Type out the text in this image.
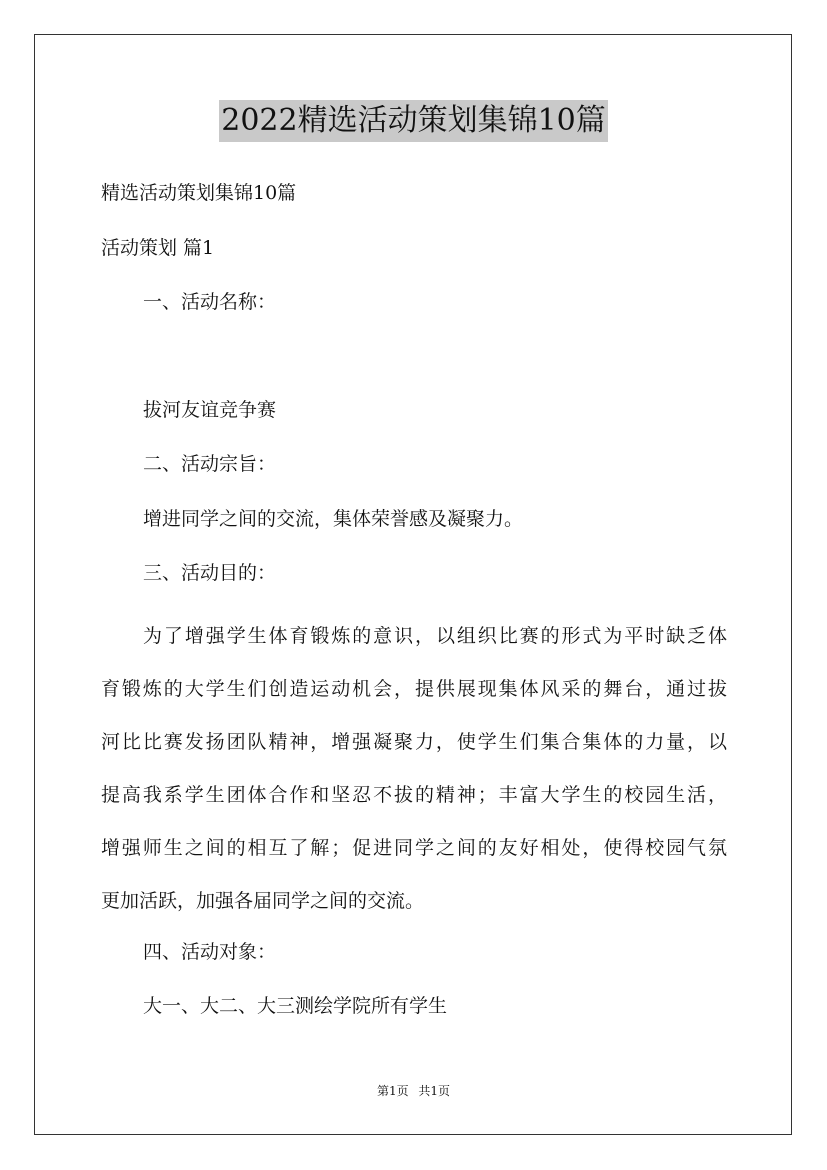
2022精选活动策划集锦10篇
精选活动策划集锦10篇
活动策划 篇1
一、活动名称：
拔河友谊竞争赛
二、活动宗旨：
增进同学之间的交流，集体荣誉感及凝聚力。
三、活动目的：
为了增强学生体育锻炼的意识，以组织比赛的形式为平时缺乏体
育锻炼的大学生们创造运动机会，提供展现集体风采的舞台，通过拔
河比比赛发扬团队精神，增强凝聚力，使学生们集合集体的力量，以
提高我系学生团体合作和坚忍不拔的精神；丰富大学生的校园生活，
增强师生之间的相互了解；促进同学之间的友好相处，使得校园气氛
更加活跃，加强各届同学之间的交流。
四、活动对象：
大一、大二、大三测绘学院所有学生
第1页 共1页
